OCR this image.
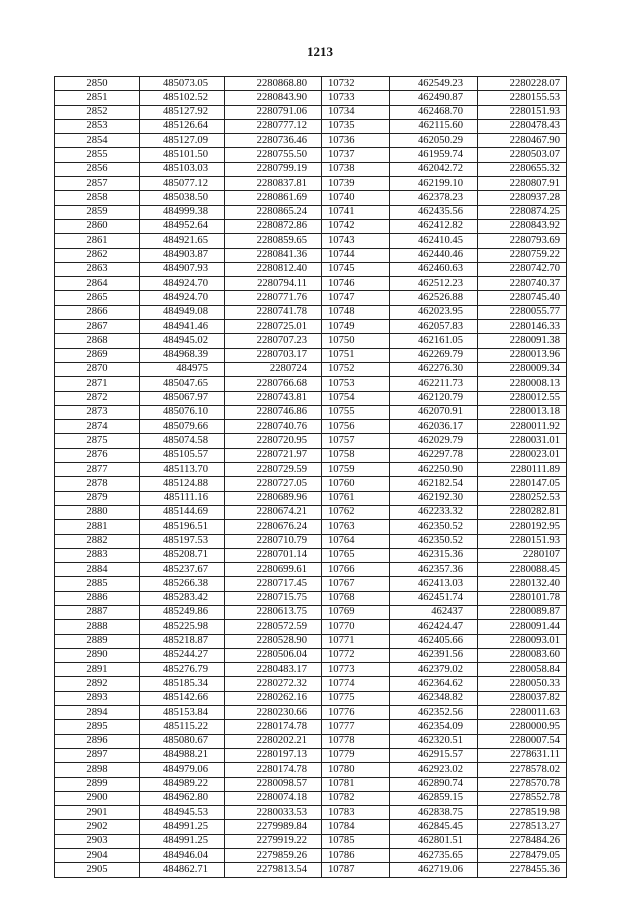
1213
2850	485073.05	2280868.80	10732	462549.23	2280228.07
2851	485102.52	2280843.90	10733	462490.87	2280155.53
2852	485127.92	2280791.06	10734	462468.70	2280151.93
2853	485126.64	2280777.12	10735	462115.60	2280478.43
2854	485127.09	2280736.46	10736	462050.29	2280467.90
2855	485101.50	2280755.50	10737	461959.74	2280503.07
2856	485103.03	2280799.19	10738	462042.72	2280655.32
2857	485077.12	2280837.81	10739	462199.10	2280807.91
2858	485038.50	2280861.69	10740	462378.23	2280937.28
2859	484999.38	2280865.24	10741	462435.56	2280874.25
2860	484952.64	2280872.86	10742	462412.82	2280843.92
2861	484921.65	2280859.65	10743	462410.45	2280793.69
2862	484903.87	2280841.36	10744	462440.46	2280759.22
2863	484907.93	2280812.40	10745	462460.63	2280742.70
2864	484924.70	2280794.11	10746	462512.23	2280740.37
2865	484924.70	2280771.76	10747	462526.88	2280745.40
2866	484949.08	2280741.78	10748	462023.95	2280055.77
2867	484941.46	2280725.01	10749	462057.83	2280146.33
2868	484945.02	2280707.23	10750	462161.05	2280091.38
2869	484968.39	2280703.17	10751	462269.79	2280013.96
2870	484975	2280724	10752	462276.30	2280009.34
2871	485047.65	2280766.68	10753	462211.73	2280008.13
2872	485067.97	2280743.81	10754	462120.79	2280012.55
2873	485076.10	2280746.86	10755	462070.91	2280013.18
2874	485079.66	2280740.76	10756	462036.17	2280011.92
2875	485074.58	2280720.95	10757	462029.79	2280031.01
2876	485105.57	2280721.97	10758	462297.78	2280023.01
2877	485113.70	2280729.59	10759	462250.90	2280111.89
2878	485124.88	2280727.05	10760	462182.54	2280147.05
2879	485111.16	2280689.96	10761	462192.30	2280252.53
2880	485144.69	2280674.21	10762	462233.32	2280282.81
2881	485196.51	2280676.24	10763	462350.52	2280192.95
2882	485197.53	2280710.79	10764	462350.52	2280151.93
2883	485208.71	2280701.14	10765	462315.36	2280107
2884	485237.67	2280699.61	10766	462357.36	2280088.45
2885	485266.38	2280717.45	10767	462413.03	2280132.40
2886	485283.42	2280715.75	10768	462451.74	2280101.78
2887	485249.86	2280613.75	10769	462437	2280089.87
2888	485225.98	2280572.59	10770	462424.47	2280091.44
2889	485218.87	2280528.90	10771	462405.66	2280093.01
2890	485244.27	2280506.04	10772	462391.56	2280083.60
2891	485276.79	2280483.17	10773	462379.02	2280058.84
2892	485185.34	2280272.32	10774	462364.62	2280050.33
2893	485142.66	2280262.16	10775	462348.82	2280037.82
2894	485153.84	2280230.66	10776	462352.56	2280011.63
2895	485115.22	2280174.78	10777	462354.09	2280000.95
2896	485080.67	2280202.21	10778	462320.51	2280007.54
2897	484988.21	2280197.13	10779	462915.57	2278631.11
2898	484979.06	2280174.78	10780	462923.02	2278578.02
2899	484989.22	2280098.57	10781	462890.74	2278570.78
2900	484962.80	2280074.18	10782	462859.15	2278552.78
2901	484945.53	2280033.53	10783	462838.75	2278519.98
2902	484991.25	2279989.84	10784	462845.45	2278513.27
2903	484991.25	2279919.22	10785	462801.51	2278484.26
2904	484946.04	2279859.26	10786	462735.65	2278479.05
2905	484862.71	2279813.54	10787	462719.06	2278455.36
